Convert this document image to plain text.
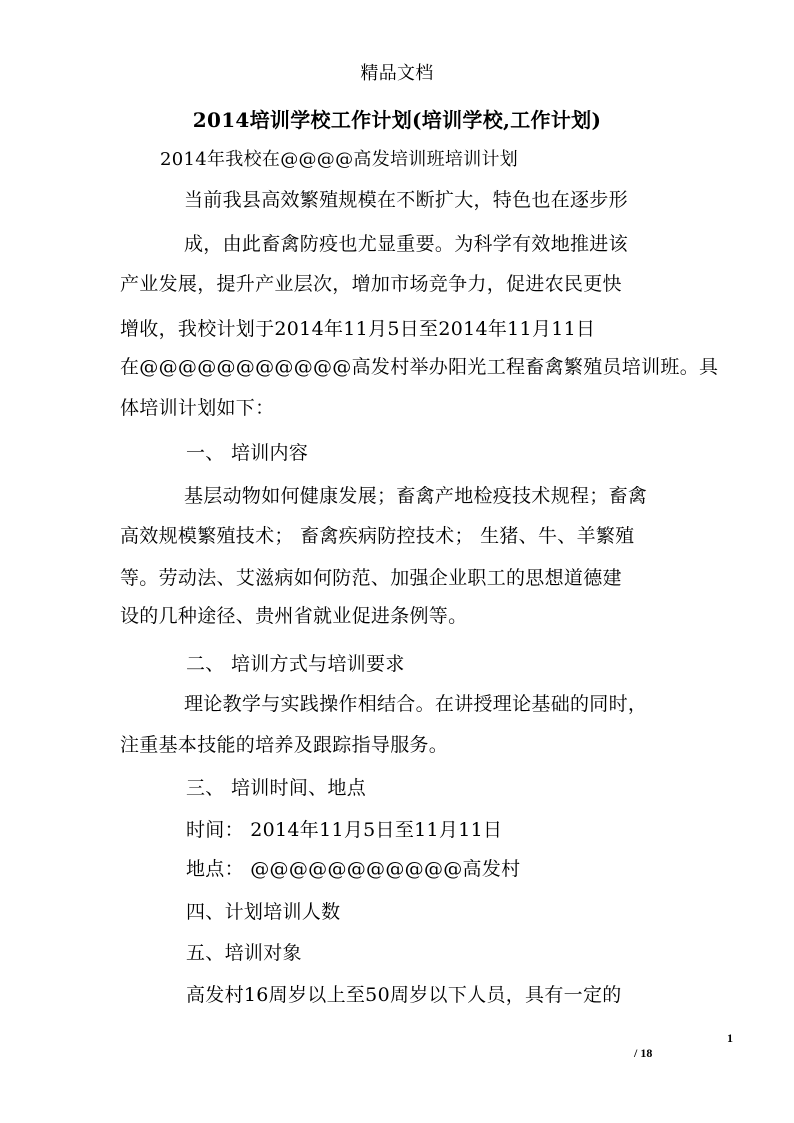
精品文档
2014培训学校工作计划(培训学校,工作计划)
2014年我校在@@@@高发培训班培训计划
当前我县高效繁殖规模在不断扩大，特色也在逐步形
成，由此畜禽防疫也尤显重要。为科学有效地推进该
产业发展，提升产业层次，增加市场竞争力，促进农民更快
增收，我校计划于2014年11月5日至2014年11月11日
在@@@@@@@@@@@高发村举办阳光工程畜禽繁殖员培训班。具
体培训计划如下：
一、 培训内容
基层动物如何健康发展；畜禽产地检疫技术规程；畜禽
高效规模繁殖技术； 畜禽疾病防控技术； 生猪、牛、羊繁殖
等。劳动法、艾滋病如何防范、加强企业职工的思想道德建
设的几种途径、贵州省就业促进条例等。
二、 培训方式与培训要求
理论教学与实践操作相结合。在讲授理论基础的同时，
注重基本技能的培养及跟踪指导服务。
三、 培训时间、地点
时间： 2014年11月5日至11月11日
地点： @@@@@@@@@@@高发村
四、计划培训人数
五、培训对象
高发村16周岁以上至50周岁以下人员，具有一定的
1
/ 18
